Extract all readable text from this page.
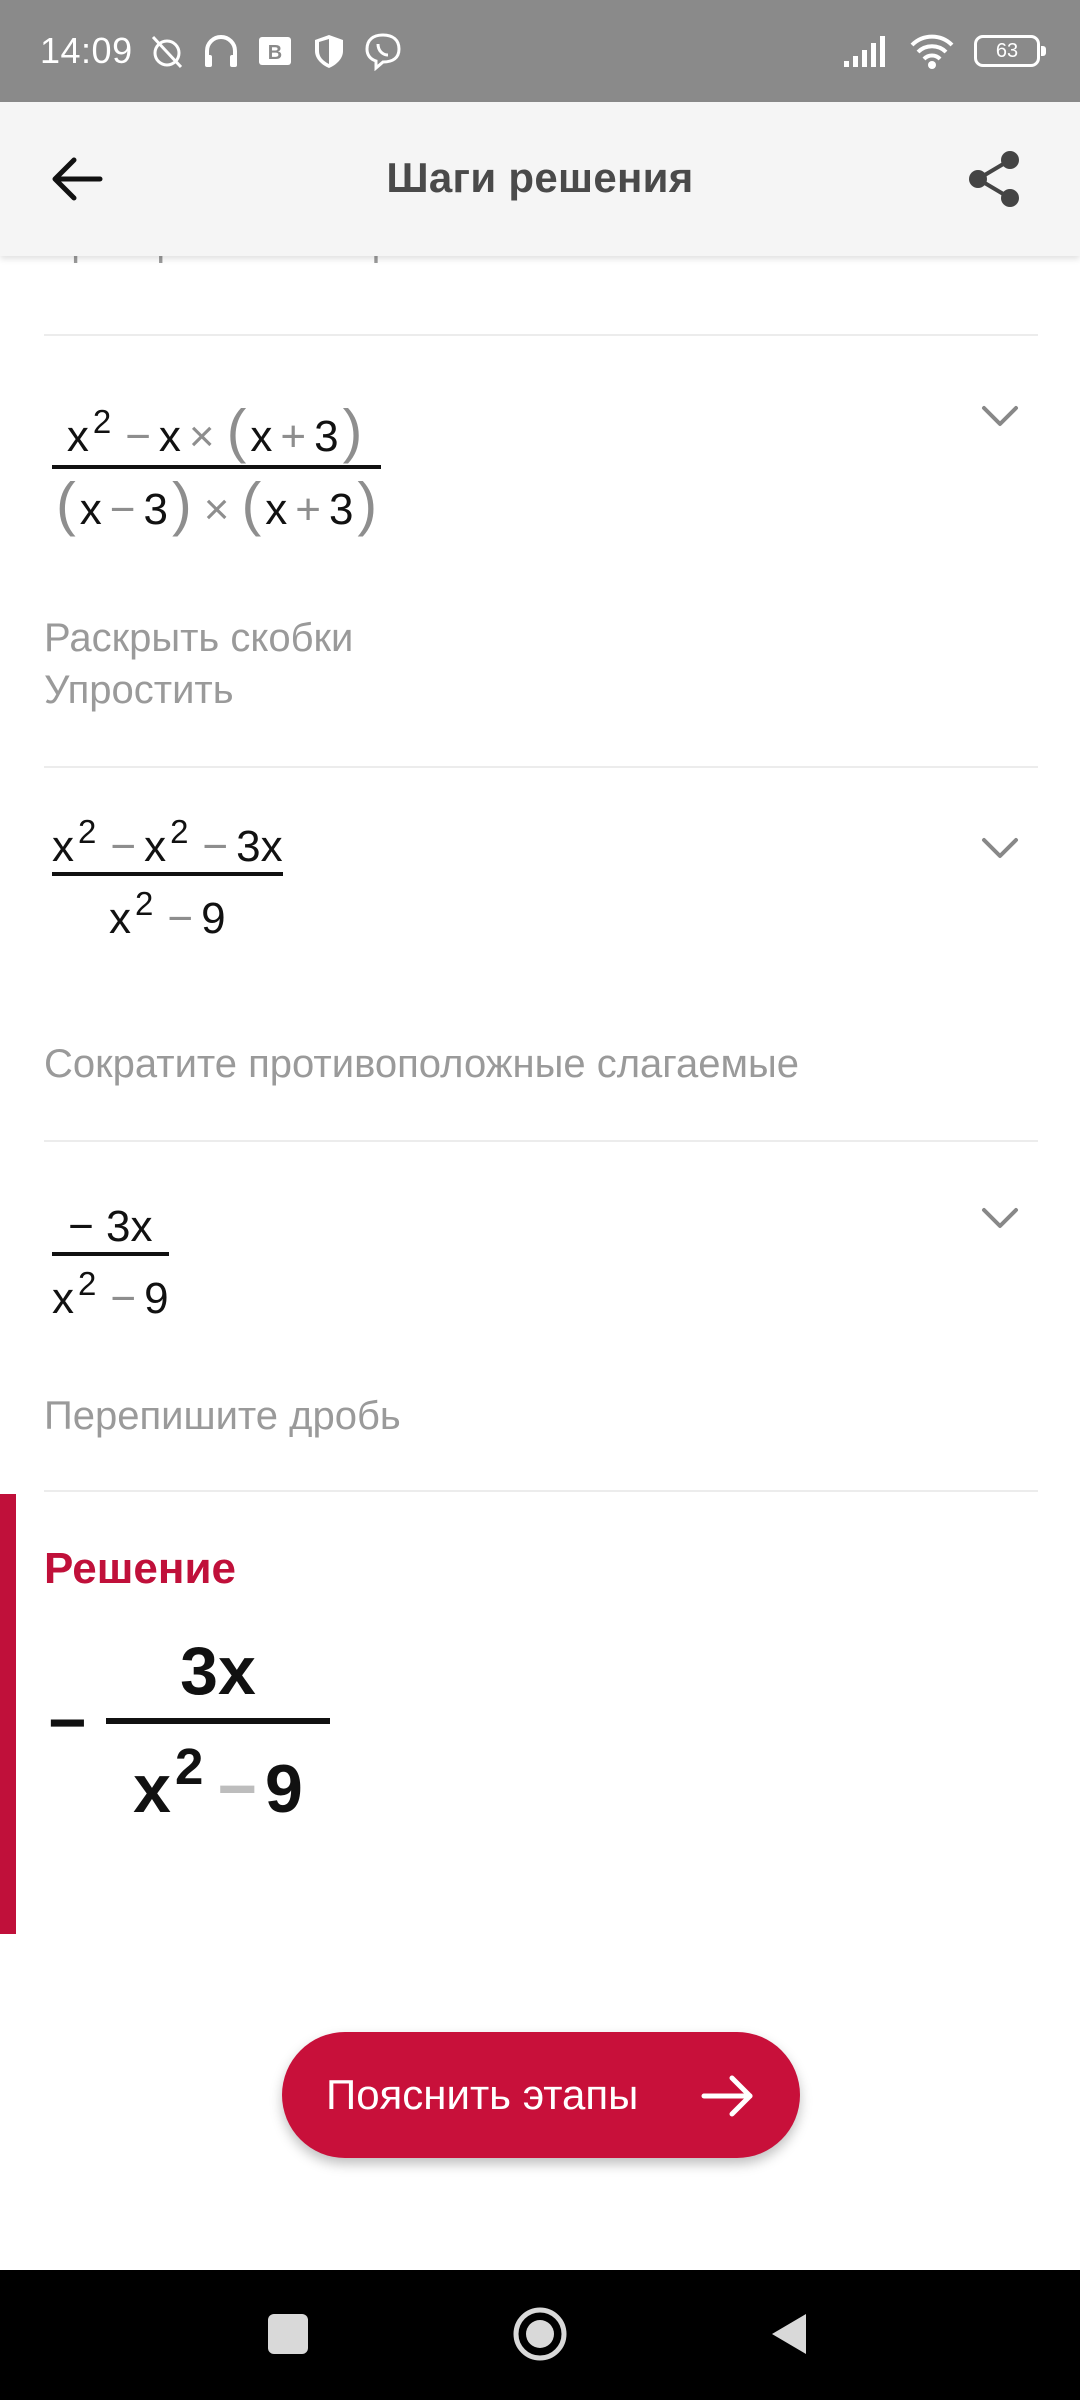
14:09	B	63
Шаги решения
x 2 − x × ( x + 3 )
( x − 3 ) × ( x + 3 )
Раскрыть скобки
Упростить
x 2 − x 2 − 3x
x 2 − 9
Сократите противоположные слагаемые
− 3x
x 2 − 9
Перепишите дробь
Решение
−
3x
x 2 − 9
Пояснить этапы
